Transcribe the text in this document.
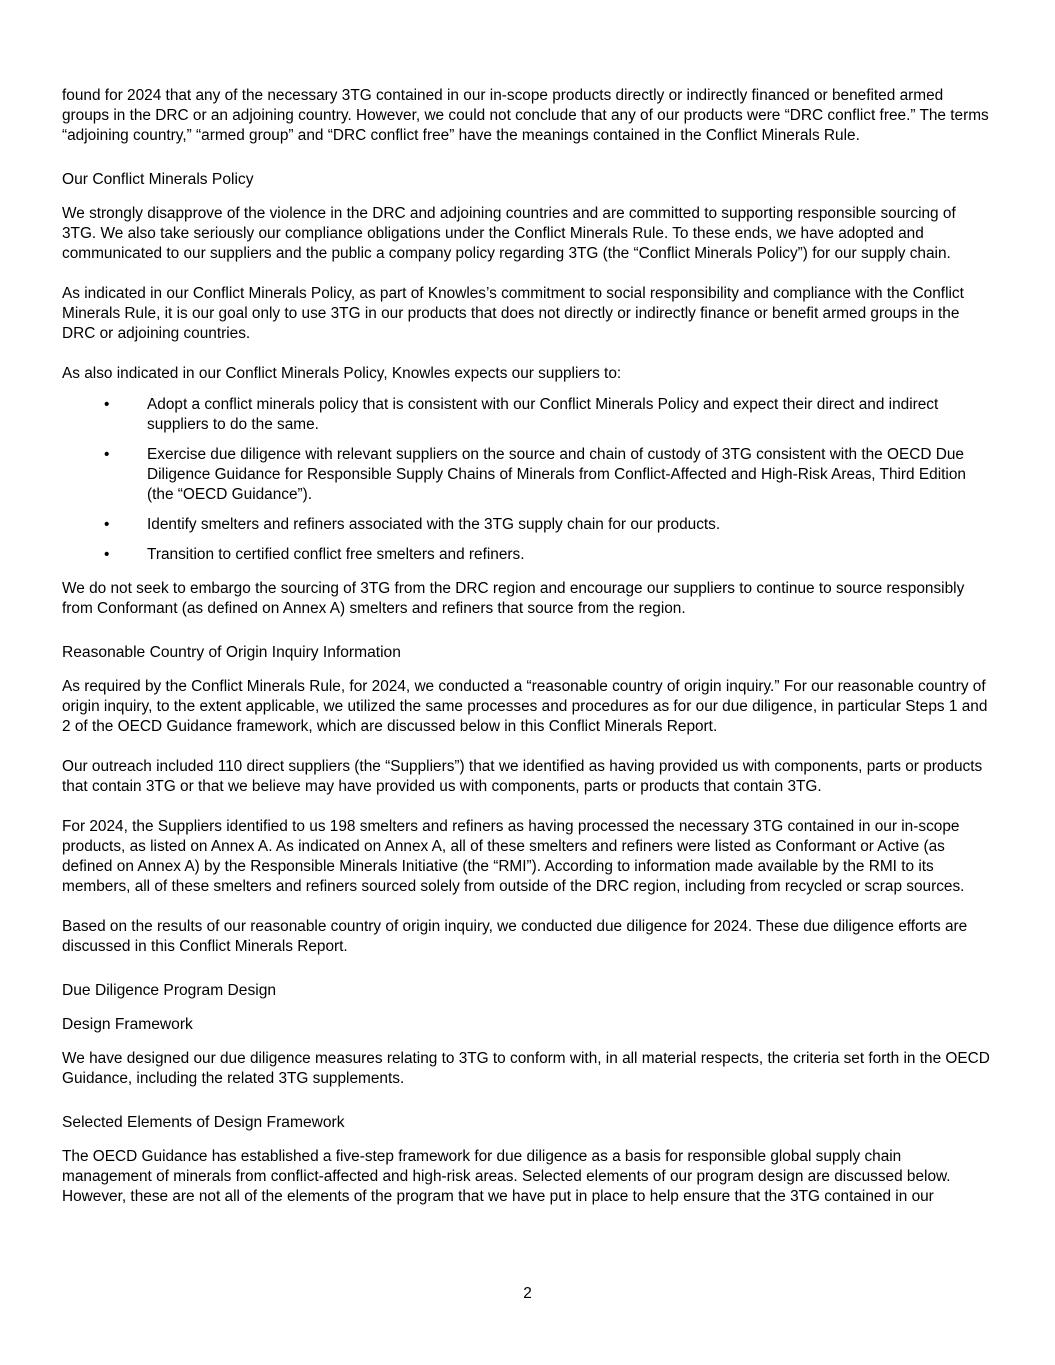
found for 2024 that any of the necessary 3TG contained in our in-scope products directly or indirectly financed or benefited armed groups in the DRC or an adjoining country. However, we could not conclude that any of our products were “DRC conflict free.” The terms “adjoining country,” “armed group” and “DRC conflict free” have the meanings contained in the Conflict Minerals Rule.

Our Conflict Minerals Policy

We strongly disapprove of the violence in the DRC and adjoining countries and are committed to supporting responsible sourcing of 3TG. We also take seriously our compliance obligations under the Conflict Minerals Rule. To these ends, we have adopted and communicated to our suppliers and the public a company policy regarding 3TG (the “Conflict Minerals Policy”) for our supply chain.

As indicated in our Conflict Minerals Policy, as part of Knowles’s commitment to social responsibility and compliance with the Conflict Minerals Rule, it is our goal only to use 3TG in our products that does not directly or indirectly finance or benefit armed groups in the DRC or adjoining countries.

As also indicated in our Conflict Minerals Policy, Knowles expects our suppliers to:

• Adopt a conflict minerals policy that is consistent with our Conflict Minerals Policy and expect their direct and indirect suppliers to do the same.
• Exercise due diligence with relevant suppliers on the source and chain of custody of 3TG consistent with the OECD Due Diligence Guidance for Responsible Supply Chains of Minerals from Conflict-Affected and High-Risk Areas, Third Edition (the “OECD Guidance”).
• Identify smelters and refiners associated with the 3TG supply chain for our products.
• Transition to certified conflict free smelters and refiners.

We do not seek to embargo the sourcing of 3TG from the DRC region and encourage our suppliers to continue to source responsibly from Conformant (as defined on Annex A) smelters and refiners that source from the region.

Reasonable Country of Origin Inquiry Information

As required by the Conflict Minerals Rule, for 2024, we conducted a “reasonable country of origin inquiry.” For our reasonable country of origin inquiry, to the extent applicable, we utilized the same processes and procedures as for our due diligence, in particular Steps 1 and 2 of the OECD Guidance framework, which are discussed below in this Conflict Minerals Report.

Our outreach included 110 direct suppliers (the “Suppliers”) that we identified as having provided us with components, parts or products that contain 3TG or that we believe may have provided us with components, parts or products that contain 3TG.

For 2024, the Suppliers identified to us 198 smelters and refiners as having processed the necessary 3TG contained in our in-scope products, as listed on Annex A. As indicated on Annex A, all of these smelters and refiners were listed as Conformant or Active (as defined on Annex A) by the Responsible Minerals Initiative (the “RMI”). According to information made available by the RMI to its members, all of these smelters and refiners sourced solely from outside of the DRC region, including from recycled or scrap sources.

Based on the results of our reasonable country of origin inquiry, we conducted due diligence for 2024. These due diligence efforts are discussed in this Conflict Minerals Report.

Due Diligence Program Design
Design Framework

We have designed our due diligence measures relating to 3TG to conform with, in all material respects, the criteria set forth in the OECD Guidance, including the related 3TG supplements.

Selected Elements of Design Framework

The OECD Guidance has established a five-step framework for due diligence as a basis for responsible global supply chain management of minerals from conflict-affected and high-risk areas. Selected elements of our program design are discussed below. However, these are not all of the elements of the program that we have put in place to help ensure that the 3TG contained in our

2
